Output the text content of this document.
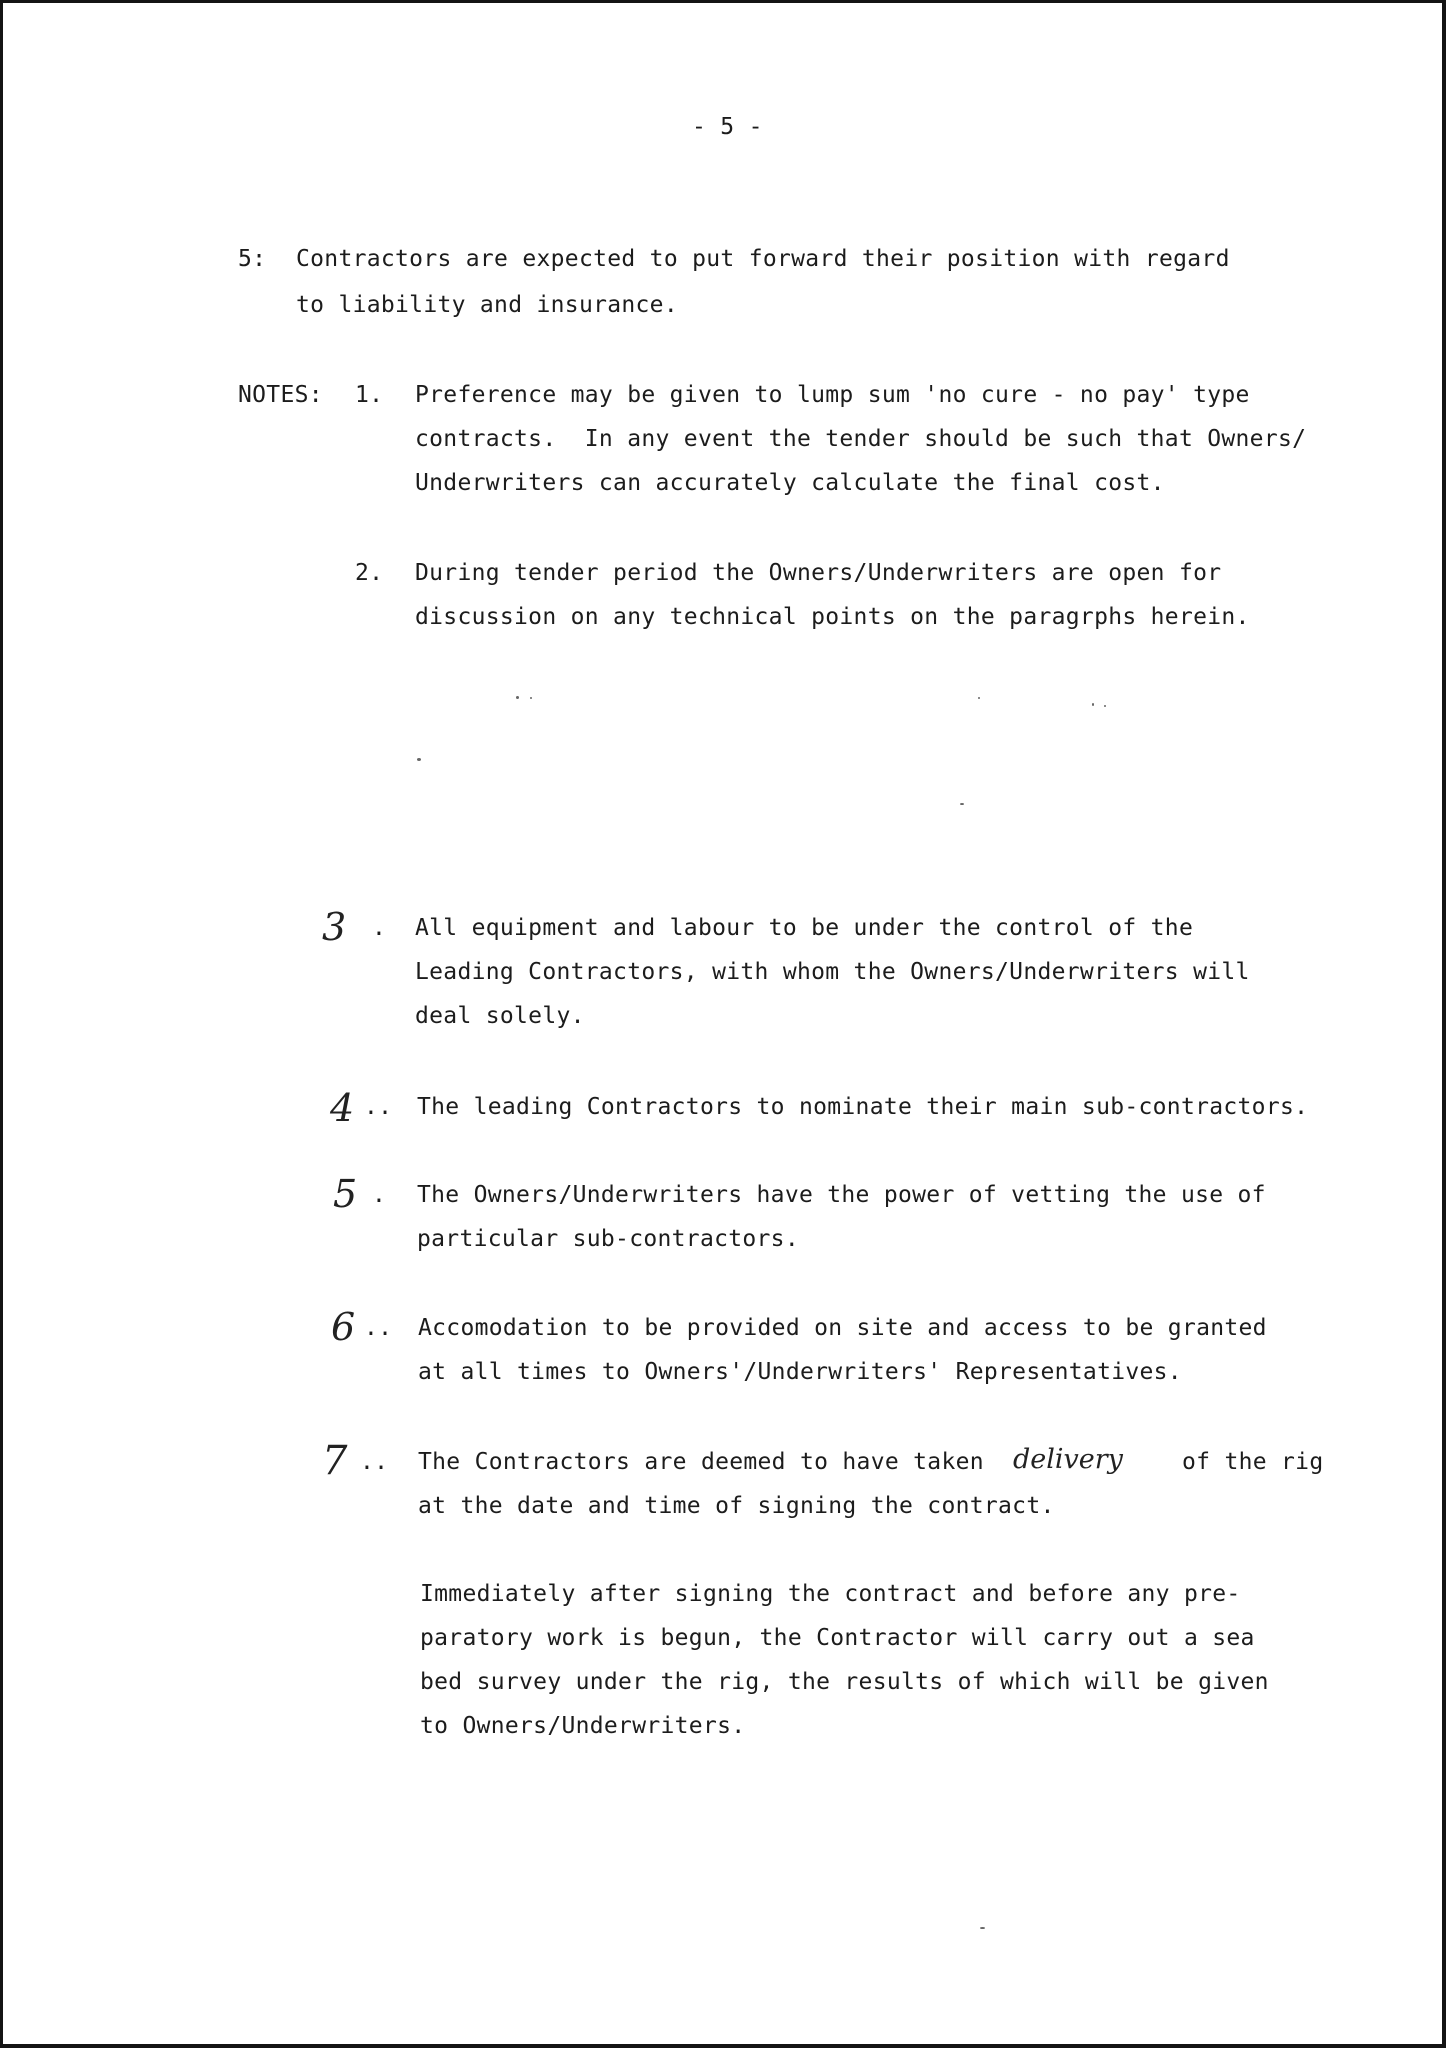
- 5 -
5: Contractors are expected to put forward their position with regard
to liability and insurance.
NOTES: 1. Preference may be given to lump sum 'no cure - no pay' type
contracts.  In any event the tender should be such that Owners/
Underwriters can accurately calculate the final cost.
2. During tender period the Owners/Underwriters are open for
discussion on any technical points on the paragrphs herein.
3 . All equipment and labour to be under the control of the
Leading Contractors, with whom the Owners/Underwriters will
deal solely.
4 .. The leading Contractors to nominate their main sub-contractors.
5 . The Owners/Underwriters have the power of vetting the use of
particular sub-contractors.
6 .. Accomodation to be provided on site and access to be granted
at all times to Owners'/Underwriters' Representatives.
7 .. The Contractors are deemed to have taken delivery	of the rig
at the date and time of signing the contract.
Immediately after signing the contract and before any pre-
paratory work is begun, the Contractor will carry out a sea
bed survey under the rig, the results of which will be given
to Owners/Underwriters.
